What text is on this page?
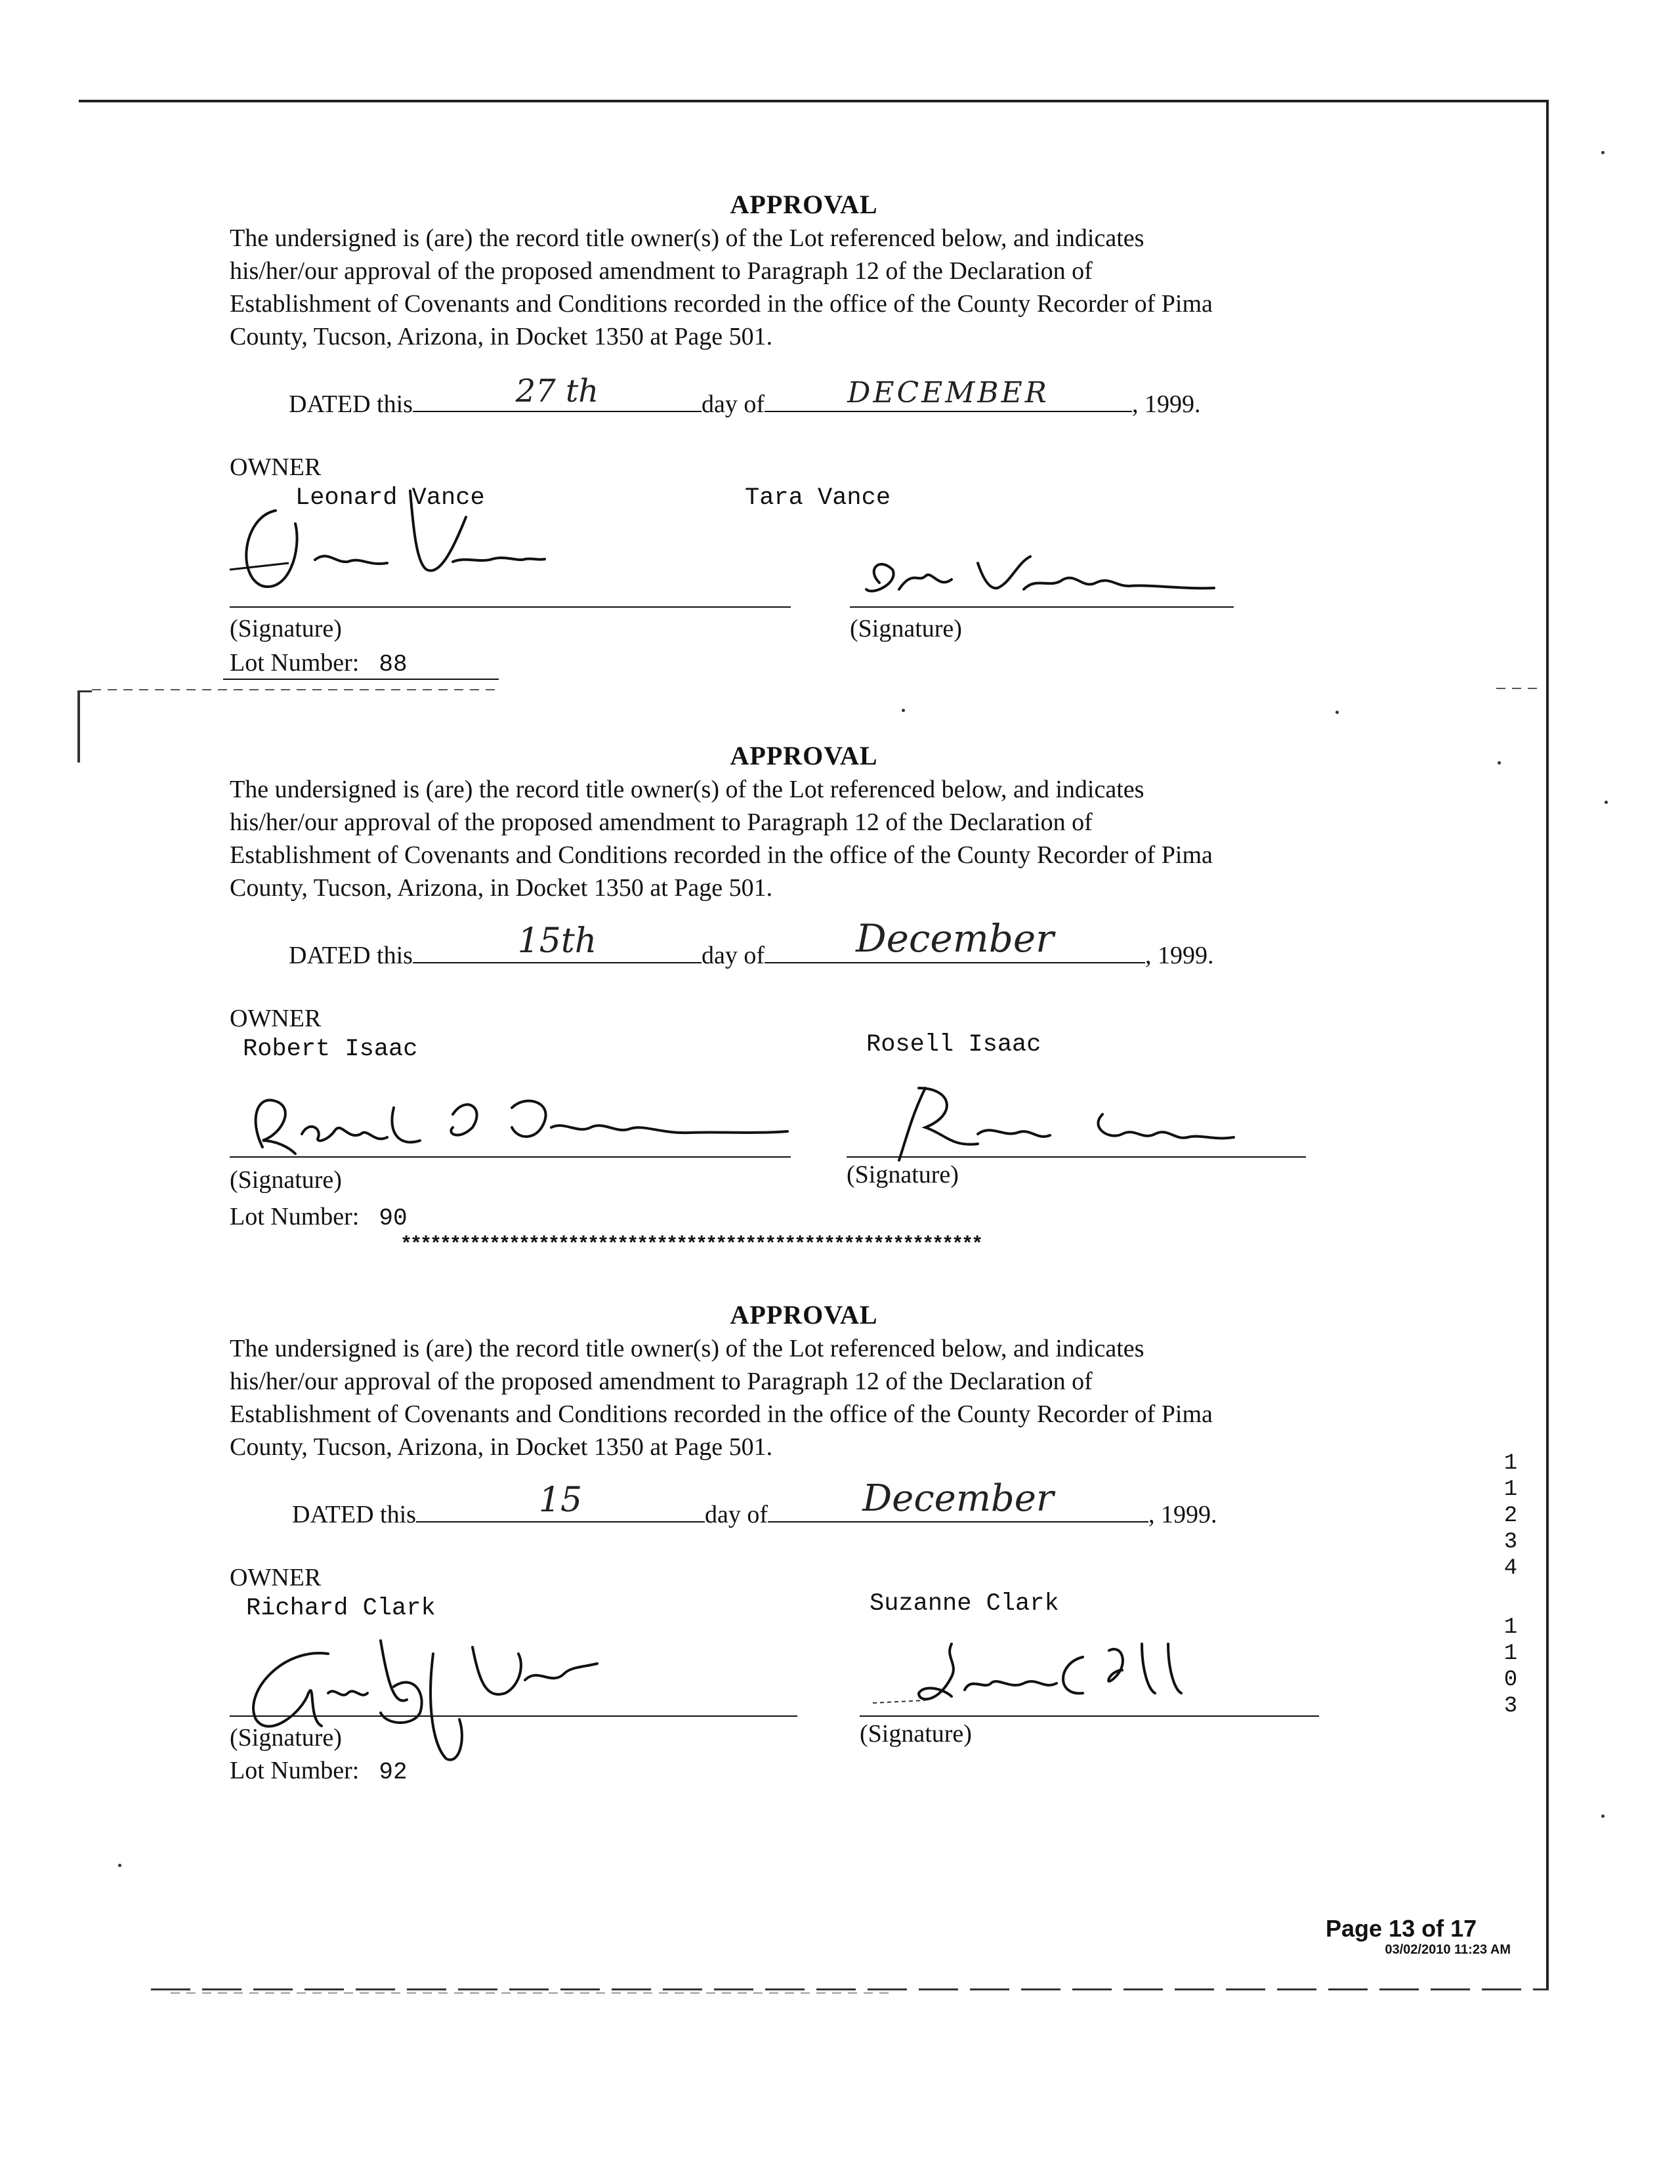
APPROVAL
The undersigned is (are) the record title owner(s) of the Lot referenced below, and indicates
his/her/our approval of the proposed amendment to Paragraph 12 of the Declaration of
Establishment of Covenants and Conditions recorded in the office of the County Recorder of Pima
County, Tucson, Arizona, in Docket 1350 at Page 501.
DATED this	27 th	day of	DECEMBER	, 1999.
OWNER
Leonard Vance	Tara Vance
(Signature)	(Signature)
Lot Number: 88
APPROVAL
The undersigned is (are) the record title owner(s) of the Lot referenced below, and indicates
his/her/our approval of the proposed amendment to Paragraph 12 of the Declaration of
Establishment of Covenants and Conditions recorded in the office of the County Recorder of Pima
County, Tucson, Arizona, in Docket 1350 at Page 501.
DATED this	15th	day of	December	, 1999.
OWNER
Robert Isaac	Rosell Isaac
(Signature)	(Signature)
Lot Number: 90
***********************************************************
APPROVAL
The undersigned is (are) the record title owner(s) of the Lot referenced below, and indicates
his/her/our approval of the proposed amendment to Paragraph 12 of the Declaration of
Establishment of Covenants and Conditions recorded in the office of the County Recorder of Pima
County, Tucson, Arizona, in Docket 1350 at Page 501.
DATED this	15	day of	December	, 1999.
OWNER
Richard Clark	Suzanne Clark
(Signature)	(Signature)
Lot Number: 92
1
1
2
3
4
1
1
0
3
Page 13 of 17
03/02/2010 11:23 AM
